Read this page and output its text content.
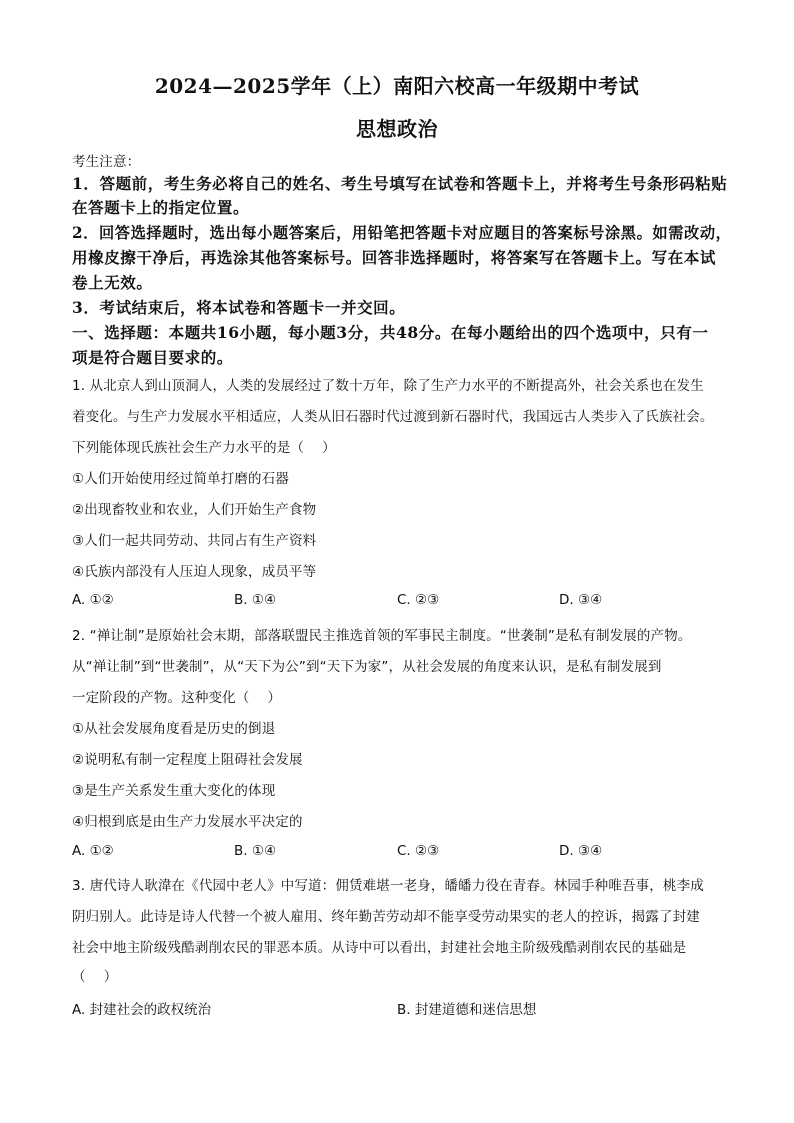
2024—2025学年（上）南阳六校高一年级期中考试
思想政治
考生注意：
1．答题前，考生务必将自己的姓名、考生号填写在试卷和答题卡上，并将考生号条形码粘贴
在答题卡上的指定位置。
2．回答选择题时，选出每小题答案后，用铅笔把答题卡对应题目的答案标号涂黑。如需改动，
用橡皮擦干净后，再选涂其他答案标号。回答非选择题时，将答案写在答题卡上。写在本试
卷上无效。
3．考试结束后，将本试卷和答题卡一并交回。
一、选择题：本题共16小题，每小题3分，共48分。在每小题给出的四个选项中，只有一
项是符合题目要求的。
1. 从北京人到山顶洞人，人类的发展经过了数十万年，除了生产力水平的不断提高外，社会关系也在发生
着变化。与生产力发展水平相适应，人类从旧石器时代过渡到新石器时代，我国远古人类步入了氏族社会。
下列能体现氏族社会生产力水平的是（　 ）
①人们开始使用经过简单打磨的石器
②出现畜牧业和农业，人们开始生产食物
③人们一起共同劳动、共同占有生产资料
④氏族内部没有人压迫人现象，成员平等
A. ①②	B. ①④	C. ②③	D. ③④
2. “禅让制”是原始社会末期，部落联盟民主推选首领的军事民主制度。“世袭制”是私有制发展的产物。
从“禅让制”到“世袭制”，从“天下为公”到“天下为家”，从社会发展的角度来认识，是私有制发展到
一定阶段的产物。这种变化（　 ）
①从社会发展角度看是历史的倒退
②说明私有制一定程度上阻碍社会发展
③是生产关系发生重大变化的体现
④归根到底是由生产力发展水平决定的
A. ①②	B. ①④	C. ②③	D. ③④
3. 唐代诗人耿湋在《代园中老人》中写道：佣赁难堪一老身，皤皤力役在青春。林园手种唯吾事，桃李成
阴归别人。此诗是诗人代替一个被人雇用、终年勤苦劳动却不能享受劳动果实的老人的控诉，揭露了封建
社会中地主阶级残酷剥削农民的罪恶本质。从诗中可以看出，封建社会地主阶级残酷剥削农民的基础是
（　 ）
A. 封建社会的政权统治	B. 封建道德和迷信思想
